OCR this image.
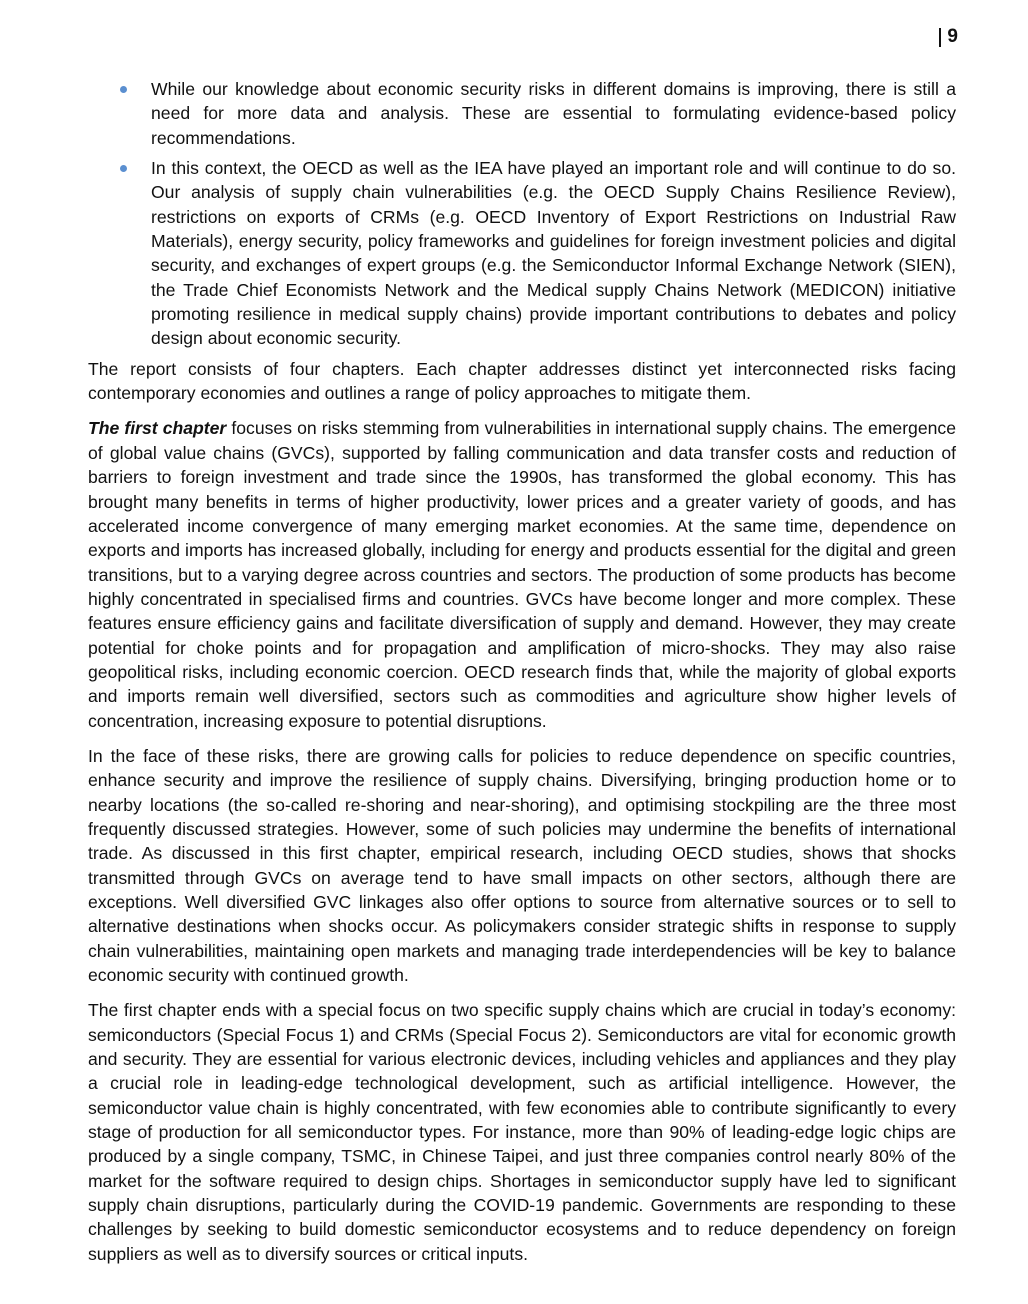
9
While our knowledge about economic security risks in different domains is improving, there is still a need for more data and analysis. These are essential to formulating evidence-based policy recommendations.
In this context, the OECD as well as the IEA have played an important role and will continue to do so. Our analysis of supply chain vulnerabilities (e.g. the OECD Supply Chains Resilience Review), restrictions on exports of CRMs (e.g. OECD Inventory of Export Restrictions on Industrial Raw Materials), energy security, policy frameworks and guidelines for foreign investment policies and digital security, and exchanges of expert groups (e.g. the Semiconductor Informal Exchange Network (SIEN), the Trade Chief Economists Network and the Medical supply Chains Network (MEDICON) initiative promoting resilience in medical supply chains) provide important contributions to debates and policy design about economic security.

The report consists of four chapters. Each chapter addresses distinct yet interconnected risks facing contemporary economies and outlines a range of policy approaches to mitigate them.

The first chapter focuses on risks stemming from vulnerabilities in international supply chains. The emergence of global value chains (GVCs), supported by falling communication and data transfer costs and reduction of barriers to foreign investment and trade since the 1990s, has transformed the global economy. This has brought many benefits in terms of higher productivity, lower prices and a greater variety of goods, and has accelerated income convergence of many emerging market economies. At the same time, dependence on exports and imports has increased globally, including for energy and products essential for the digital and green transitions, but to a varying degree across countries and sectors. The production of some products has become highly concentrated in specialised firms and countries. GVCs have become longer and more complex. These features ensure efficiency gains and facilitate diversification of supply and demand. However, they may create potential for choke points and for propagation and amplification of micro-shocks. They may also raise geopolitical risks, including economic coercion. OECD research finds that, while the majority of global exports and imports remain well diversified, sectors such as commodities and agriculture show higher levels of concentration, increasing exposure to potential disruptions.

In the face of these risks, there are growing calls for policies to reduce dependence on specific countries, enhance security and improve the resilience of supply chains. Diversifying, bringing production home or to nearby locations (the so-called re-shoring and near-shoring), and optimising stockpiling are the three most frequently discussed strategies. However, some of such policies may undermine the benefits of international trade. As discussed in this first chapter, empirical research, including OECD studies, shows that shocks transmitted through GVCs on average tend to have small impacts on other sectors, although there are exceptions. Well diversified GVC linkages also offer options to source from alternative sources or to sell to alternative destinations when shocks occur. As policymakers consider strategic shifts in response to supply chain vulnerabilities, maintaining open markets and managing trade interdependencies will be key to balance economic security with continued growth.

The first chapter ends with a special focus on two specific supply chains which are crucial in today’s economy: semiconductors (Special Focus 1) and CRMs (Special Focus 2). Semiconductors are vital for economic growth and security. They are essential for various electronic devices, including vehicles and appliances and they play a crucial role in leading-edge technological development, such as artificial intelligence. However, the semiconductor value chain is highly concentrated, with few economies able to contribute significantly to every stage of production for all semiconductor types. For instance, more than 90% of leading-edge logic chips are produced by a single company, TSMC, in Chinese Taipei, and just three companies control nearly 80% of the market for the software required to design chips. Shortages in semiconductor supply have led to significant supply chain disruptions, particularly during the COVID-19 pandemic. Governments are responding to these challenges by seeking to build domestic semiconductor ecosystems and to reduce dependency on foreign suppliers as well as to diversify sources or critical inputs.
